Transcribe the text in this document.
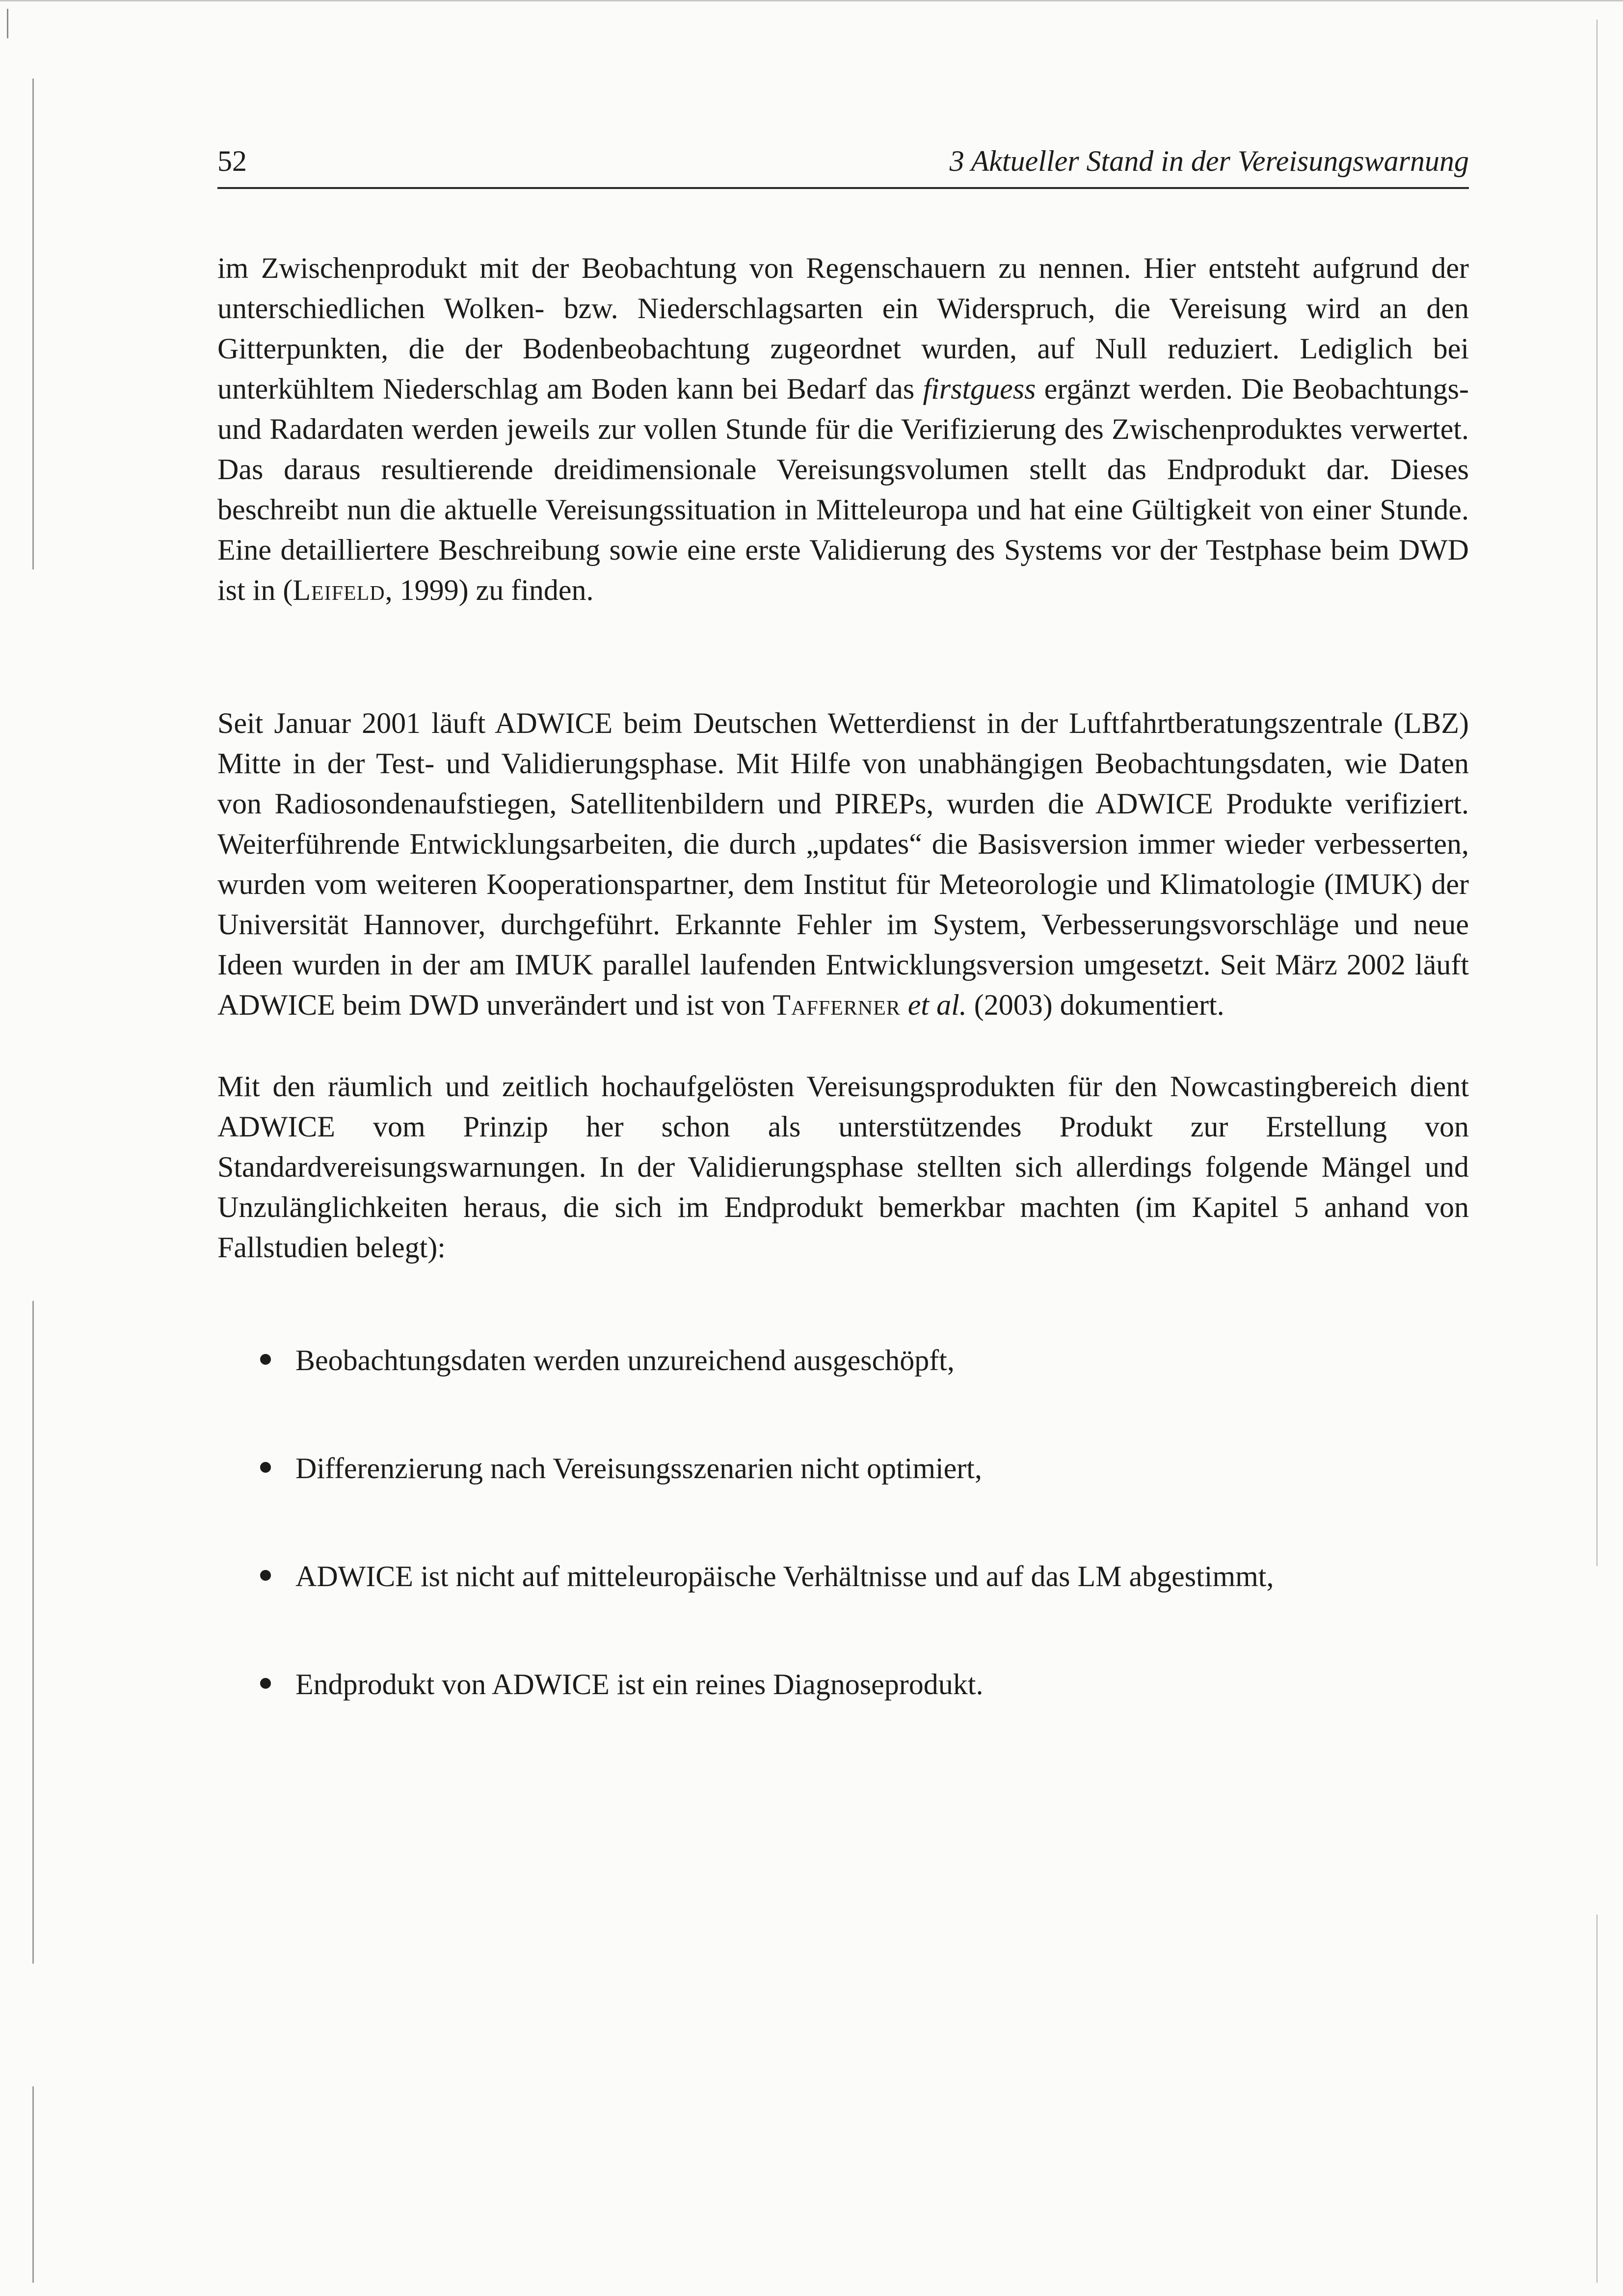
52	3 Aktueller Stand in der Vereisungswarnung

im Zwischenprodukt mit der Beobachtung von Regenschauern zu nennen. Hier entsteht aufgrund der unterschiedlichen Wolken- bzw. Niederschlagsarten ein Widerspruch, die Vereisung wird an den Gitterpunkten, die der Bodenbeobachtung zugeordnet wurden, auf Null reduziert. Lediglich bei unterkühltem Niederschlag am Boden kann bei Bedarf das firstguess ergänzt werden. Die Beobachtungs- und Radardaten werden jeweils zur vollen Stunde für die Verifizierung des Zwischenproduktes verwertet. Das daraus resultierende dreidimensionale Vereisungsvolumen stellt das Endprodukt dar. Dieses beschreibt nun die aktuelle Vereisungssituation in Mitteleuropa und hat eine Gültigkeit von einer Stunde. Eine detailliertere Beschreibung sowie eine erste Validierung des Systems vor der Testphase beim DWD ist in (Leifeld, 1999) zu finden.

Seit Januar 2001 läuft ADWICE beim Deutschen Wetterdienst in der Luftfahrtberatungszentrale (LBZ) Mitte in der Test- und Validierungsphase. Mit Hilfe von unabhängigen Beobachtungsdaten, wie Daten von Radiosondenaufstiegen, Satellitenbildern und PIREPs, wurden die ADWICE Produkte verifiziert. Weiterführende Entwicklungsarbeiten, die durch „updates“ die Basisversion immer wieder verbesserten, wurden vom weiteren Kooperationspartner, dem Institut für Meteorologie und Klimatologie (IMUK) der Universität Hannover, durchgeführt. Erkannte Fehler im System, Verbesserungsvorschläge und neue Ideen wurden in der am IMUK parallel laufenden Entwicklungsversion umgesetzt. Seit März 2002 läuft ADWICE beim DWD unverändert und ist von Tafferner et al. (2003) dokumentiert.

Mit den räumlich und zeitlich hochaufgelösten Vereisungsprodukten für den Nowcastingbereich dient ADWICE vom Prinzip her schon als unterstützendes Produkt zur Erstellung von Standardvereisungswarnungen. In der Validierungsphase stellten sich allerdings folgende Mängel und Unzulänglichkeiten heraus, die sich im Endprodukt bemerkbar machten (im Kapitel 5 anhand von Fallstudien belegt):

Beobachtungsdaten werden unzureichend ausgeschöpft,
Differenzierung nach Vereisungsszenarien nicht optimiert,
ADWICE ist nicht auf mitteleuropäische Verhältnisse und auf das LM abgestimmt,
Endprodukt von ADWICE ist ein reines Diagnoseprodukt.
